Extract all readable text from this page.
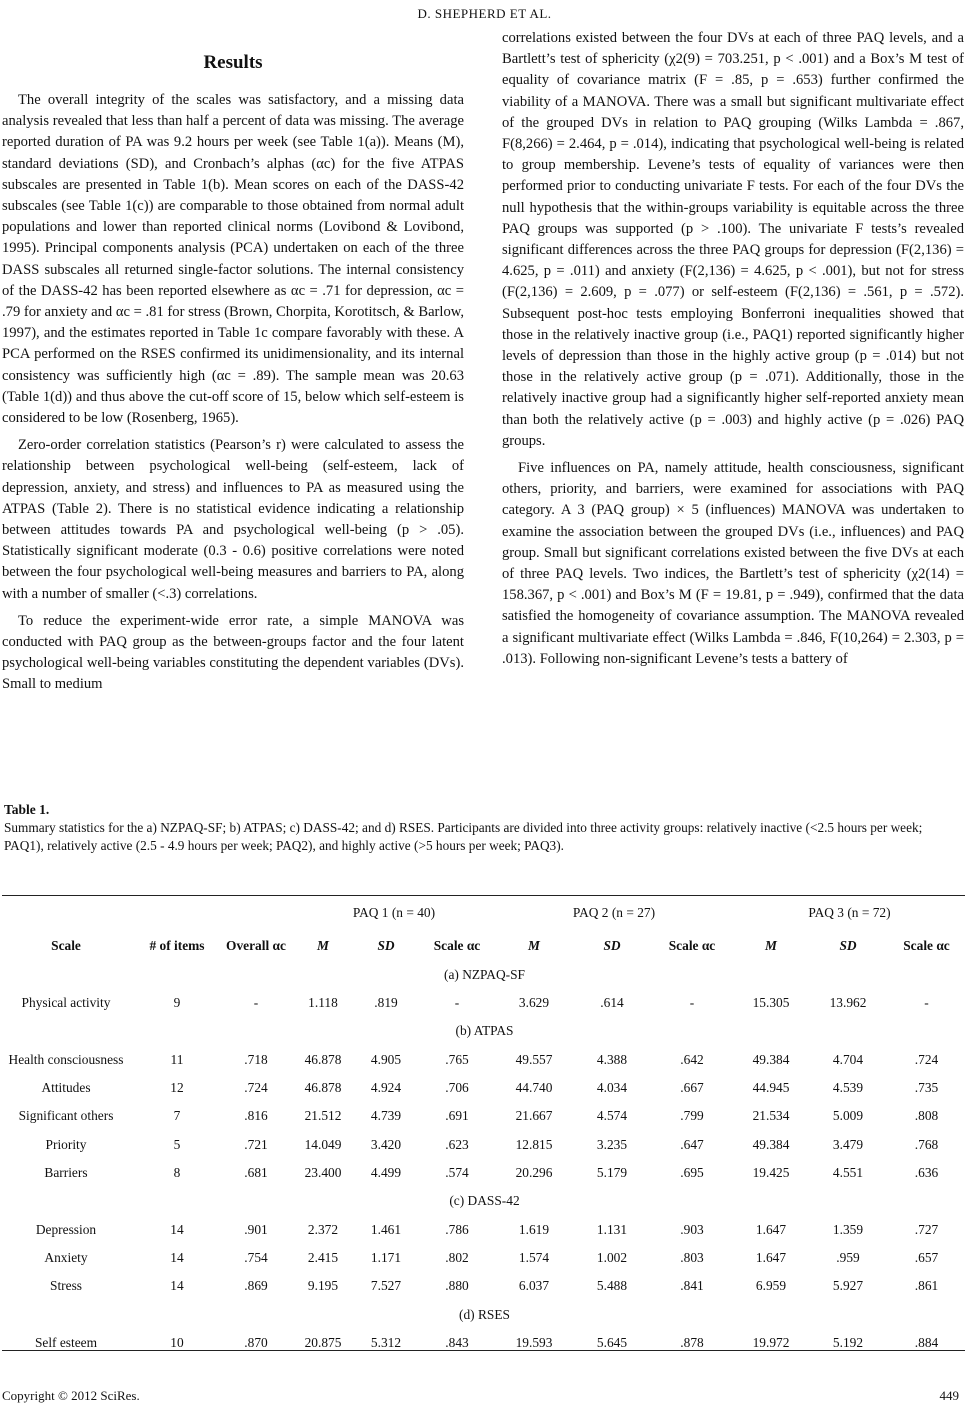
D. SHEPHERD ET AL.
Results

The overall integrity of the scales was satisfactory, and a missing data analysis revealed that less than half a percent of data was missing. The average reported duration of PA was 9.2 hours per week (see Table 1(a)). Means (M), standard deviations (SD), and Cronbach’s alphas (αc) for the five ATPAS subscales are presented in Table 1(b). Mean scores on each of the DASS-42 subscales (see Table 1(c)) are comparable to those obtained from normal adult populations and lower than reported clinical norms (Lovibond & Lovibond, 1995). Principal components analysis (PCA) undertaken on each of the three DASS subscales all returned single-factor solutions. The internal consistency of the DASS-42 has been reported elsewhere as αc = .71 for depression, αc = .79 for anxiety and αc = .81 for stress (Brown, Chorpita, Korotitsch, & Barlow, 1997), and the estimates reported in Table 1c compare favorably with these. A PCA performed on the RSES confirmed its unidimensionality, and its internal consistency was sufficiently high (αc = .89). The sample mean was 20.63 (Table 1(d)) and thus above the cut-off score of 15, below which self-esteem is considered to be low (Rosenberg, 1965).

Zero-order correlation statistics (Pearson’s r) were calculated to assess the relationship between psychological well-being (self-esteem, lack of depression, anxiety, and stress) and influences to PA as measured using the ATPAS (Table 2). There is no statistical evidence indicating a relationship between attitudes towards PA and psychological well-being (p > .05). Statistically significant moderate (0.3 - 0.6) positive correlations were noted between the four psychological well-being measures and barriers to PA, along with a number of smaller (<.3) correlations.

To reduce the experiment-wide error rate, a simple MANOVA was conducted with PAQ group as the between-groups factor and the four latent psychological well-being variables constituting the dependent variables (DVs). Small to medium

correlations existed between the four DVs at each of three PAQ levels, and a Bartlett’s test of sphericity (χ2(9) = 703.251, p < .001) and a Box’s M test of equality of covariance matrix (F = .85, p = .653) further confirmed the viability of a MANOVA. There was a small but significant multivariate effect of the grouped DVs in relation to PAQ grouping (Wilks Lambda = .867, F(8,266) = 2.464, p = .014), indicating that psychological well-being is related to group membership. Levene’s tests of equality of variances were then performed prior to conducting univariate F tests. For each of the four DVs the null hypothesis that the within-groups variability is equitable across the three PAQ groups was supported (p > .100). The univariate F tests’s revealed significant differences across the three PAQ groups for depression (F(2,136) = 4.625, p = .011) and anxiety (F(2,136) = 4.625, p < .001), but not for stress (F(2,136) = 2.609, p = .077) or self-esteem (F(2,136) = .561, p = .572). Subsequent post-hoc tests employing Bonferroni inequalities showed that those in the relatively inactive group (i.e., PAQ1) reported significantly higher levels of depression than those in the highly active group (p = .014) but not those in the relatively active group (p = .071). Additionally, those in the relatively inactive group had a significantly higher self-reported anxiety mean than both the relatively active (p = .003) and highly active (p = .026) PAQ groups.

Five influences on PA, namely attitude, health consciousness, significant others, priority, and barriers, were examined for associations with PAQ category. A 3 (PAQ group) × 5 (influences) MANOVA was undertaken to examine the association between the grouped DVs (i.e., influences) and PAQ group. Small but significant correlations existed between the five DVs at each of three PAQ levels. Two indices, the Bartlett’s test of sphericity (χ2(14) = 158.367, p < .001) and Box’s M (F = 19.81, p = .949), confirmed that the data satisfied the homogeneity of covariance assumption. The MANOVA revealed a significant multivariate effect (Wilks Lambda = .846, F(10,264) = 2.303, p = .013). Following non-significant Levene’s tests a battery of

Table 1.
Summary statistics for the a) NZPAQ-SF; b) ATPAS; c) DASS-42; and d) RSES. Participants are divided into three activity groups: relatively inactive (<2.5 hours per week; PAQ1), relatively active (2.5 - 4.9 hours per week; PAQ2), and highly active (>5 hours per week; PAQ3).
			PAQ 1 (n = 40)			PAQ 2 (n = 27)			PAQ 3 (n = 72)		
Scale	# of items	Overall αc	M	SD	Scale αc	M	SD	Scale αc	M	SD	Scale αc
(a) NZPAQ-SF											
Physical activity	9	-	1.118	.819	-	3.629	.614	-	15.305	13.962	-
(b) ATPAS											
Health consciousness	11	.718	46.878	4.905	.765	49.557	4.388	.642	49.384	4.704	.724
Attitudes	12	.724	46.878	4.924	.706	44.740	4.034	.667	44.945	4.539	.735
Significant others	7	.816	21.512	4.739	.691	21.667	4.574	.799	21.534	5.009	.808
Priority	5	.721	14.049	3.420	.623	12.815	3.235	.647	49.384	3.479	.768
Barriers	8	.681	23.400	4.499	.574	20.296	5.179	.695	19.425	4.551	.636
(c) DASS-42											
Depression	14	.901	2.372	1.461	.786	1.619	1.131	.903	1.647	1.359	.727
Anxiety	14	.754	2.415	1.171	.802	1.574	1.002	.803	1.647	.959	.657
Stress	14	.869	9.195	7.527	.880	6.037	5.488	.841	6.959	5.927	.861
(d) RSES											
Self esteem	10	.870	20.875	5.312	.843	19.593	5.645	.878	19.972	5.192	.884
Copyright © 2012 SciRes.	449
